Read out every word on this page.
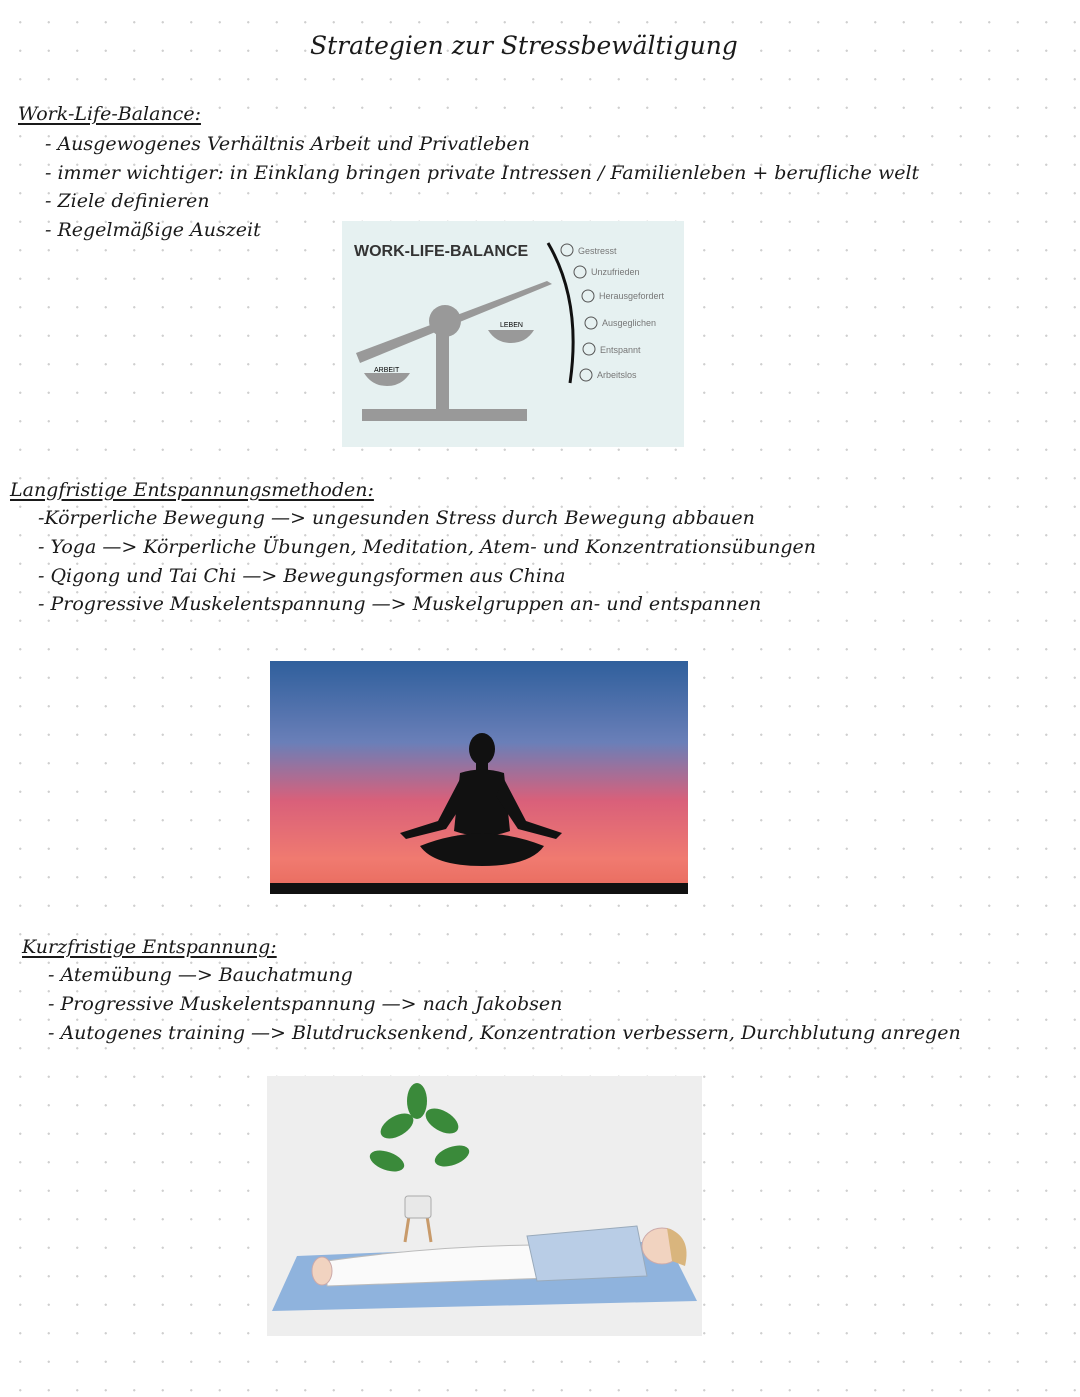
Strategien zur Stressbewältigung
Work-Life-Balance:
- Ausgewogenes Verhältnis Arbeit und Privatleben
- immer wichtiger: in Einklang bringen private Intressen / Familienleben + berufliche welt
- Ziele definieren
- Regelmäßige Auszeit
WORK-LIFE-BALANCE
ARBEIT
LEBEN
Gestresst
Unzufrieden
Herausgefordert
Ausgeglichen
Entspannt
Arbeitslos
Langfristige Entspannungsmethoden:
-Körperliche Bewegung —> ungesunden Stress durch Bewegung abbauen
- Yoga —> Körperliche Übungen, Meditation, Atem- und Konzentrationsübungen
- Qigong und Tai Chi —> Bewegungsformen aus China
- Progressive Muskelentspannung —> Muskelgruppen an- und entspannen
Kurzfristige Entspannung:
- Atemübung —> Bauchatmung
- Progressive Muskelentspannung —> nach Jakobsen
- Autogenes training —> Blutdrucksenkend, Konzentration verbessern, Durchblutung anregen
